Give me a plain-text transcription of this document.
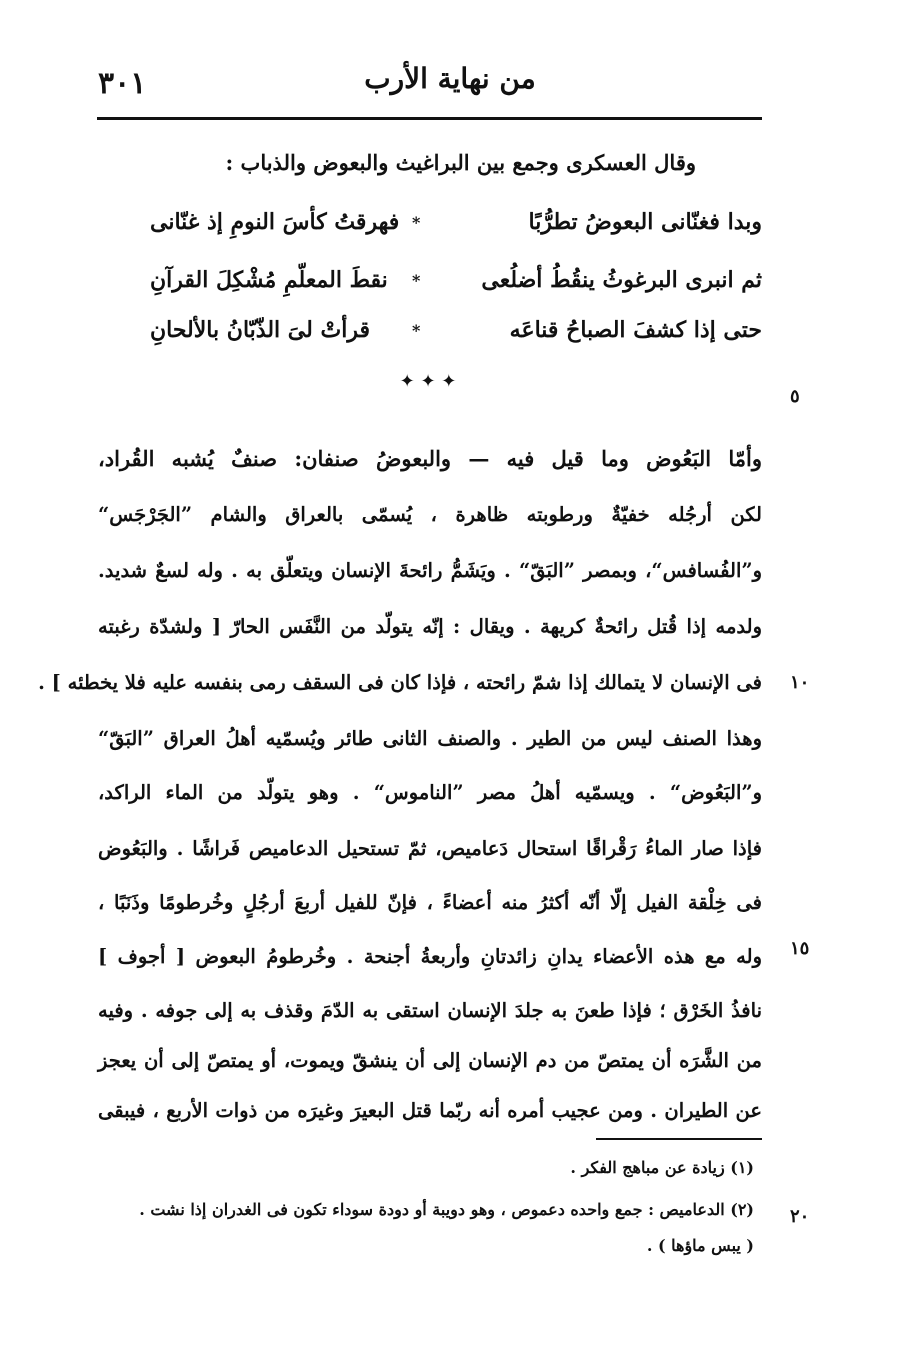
٣٠١	من نهاية الأرب
وقال العسكرى وجمع بين البراغيث والبعوض والذباب :
وبدا فغنّانى البعوضُ تطرُّبًا
*
فهرقتُ كأسَ النومِ إذ غنّانى
ثم انبرى البرغوثُ ينقُطُ أضلُعى
*
نقطَ المعلّمِ مُشْكِلَ القرآنِ
حتى إذا كشفَ الصباحُ قناعَه
*
قرأتْ لىَ الذّبّانُ بالألحانِ
✦ ✦ ✦
٥
وأمّا البَعُوض وما قيل فيه — والبعوضُ صنفان: صنفٌ يُشبه القُراد،
لكن أرجُله خفيّةٌ ورطوبته ظاهرة ، يُسمّى بالعراق والشام ”الجَرْجَس“
و”الفُسافس“، وبمصر ”البَقّ“ . ويَشَمُّ رائحةَ الإنسان ويتعلّق به . وله لسعٌ شديد.
ولدمه إذا قُتل رائحةٌ كريهة . ويقال : إنّه يتولّد من النَّفَس الحارّ [ ولشدّة رغبته
فى الإنسان لا يتمالك إذا شمّ رائحته ، فإذا كان فى السقف رمى بنفسه عليه فلا يخطئه ] .
وهذا الصنف ليس من الطير . والصنف الثانى طائر ويُسمّيه أهلُ العراق ”البَقّ“
و”البَعُوض“ . ويسمّيه أهلُ مصر ”الناموس“ . وهو يتولّد من الماء الراكد،
فإذا صار الماءُ رَقْراقًا استحال دَعاميص، ثمّ تستحيل الدعاميص فَراشًا . والبَعُوض
فى خِلْقة الفيل إلّا أنّه أكثرُ منه أعضاءً ، فإنّ للفيل أربعَ أرجُلٍ وخُرطومًا وذَنَبًا ،
وله مع هذه الأعضاء يدانِ زائدتانِ وأربعةُ أجنحة . وخُرطومُ البعوض [ أجوف ]
نافذُ الخَرْق ؛ فإذا طعنَ به جلدَ الإنسان استقى به الدّمَ وقذف به إلى جوفه . وفيه
من الشَّرَه أن يمتصّ من دم الإنسان إلى أن ينشقّ ويموت، أو يمتصّ إلى أن يعجز
عن الطيران . ومن عجيب أمره أنه ربّما قتل البعيرَ وغيرَه من ذوات الأربع ، فيبقى
١٠
١٥
٢٠
(١) زيادة عن مباهج الفكر .
(٢) الدعاميص : جمع واحده دعموص ، وهو دويبة أو دودة سوداء تكون فى الغدران إذا نشت .
( يبس ماؤها ) .
